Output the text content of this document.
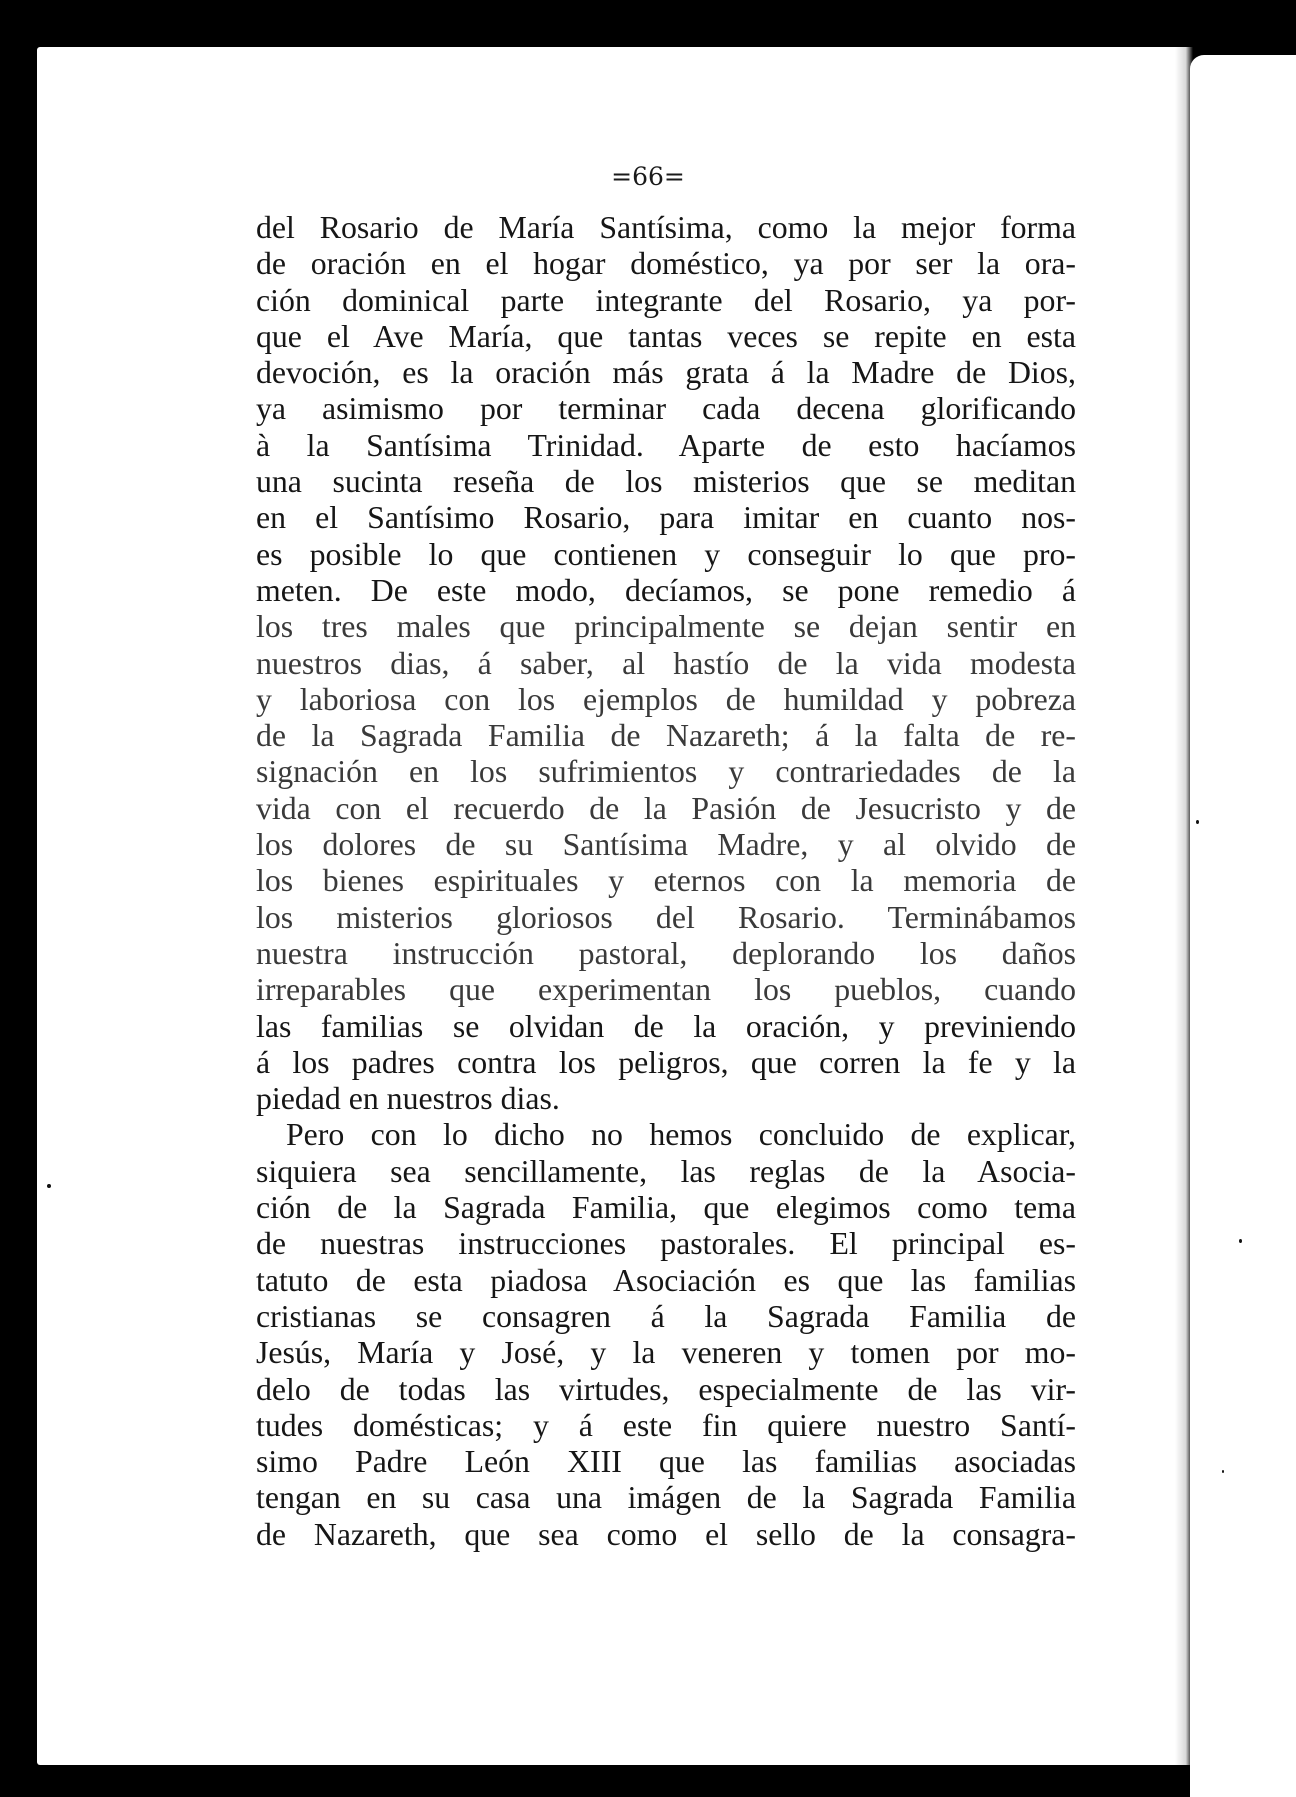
=66=
del Rosario de María Santísima, como la mejor forma
de oración en el hogar doméstico, ya por ser la ora-
ción dominical parte integrante del Rosario, ya por-
que el Ave María, que tantas veces se repite en esta
devoción, es la oración más grata á la Madre de Dios,
ya asimismo por terminar cada decena glorificando
à la Santísima Trinidad. Aparte de esto hacíamos
una sucinta reseña de los misterios que se meditan
en el Santísimo Rosario, para imitar en cuanto nos-
es posible lo que contienen y conseguir lo que pro-
meten. De este modo, decíamos, se pone remedio á
los tres males que principalmente se dejan sentir en
nuestros dias, á saber, al hastío de la vida modesta
y laboriosa con los ejemplos de humildad y pobreza
de la Sagrada Familia de Nazareth; á la falta de re-
signación en los sufrimientos y contrariedades de la
vida con el recuerdo de la Pasión de Jesucristo y de
los dolores de su Santísima Madre, y al olvido de
los bienes espirituales y eternos con la memoria de
los misterios gloriosos del Rosario. Terminábamos
nuestra instrucción pastoral, deplorando los daños
irreparables que experimentan los pueblos, cuando
las familias se olvidan de la oración, y previniendo
á los padres contra los peligros, que corren la fe y la
piedad en nuestros dias.
Pero con lo dicho no hemos concluido de explicar,
siquiera sea sencillamente, las reglas de la Asocia-
ción de la Sagrada Familia, que elegimos como tema
de nuestras instrucciones pastorales. El principal es-
tatuto de esta piadosa Asociación es que las familias
cristianas se consagren á la Sagrada Familia de
Jesús, María y José, y la veneren y tomen por mo-
delo de todas las virtudes, especialmente de las vir-
tudes domésticas; y á este fin quiere nuestro Santí-
simo Padre León XIII que las familias asociadas
tengan en su casa una imágen de la Sagrada Familia
de Nazareth, que sea como el sello de la consagra-
